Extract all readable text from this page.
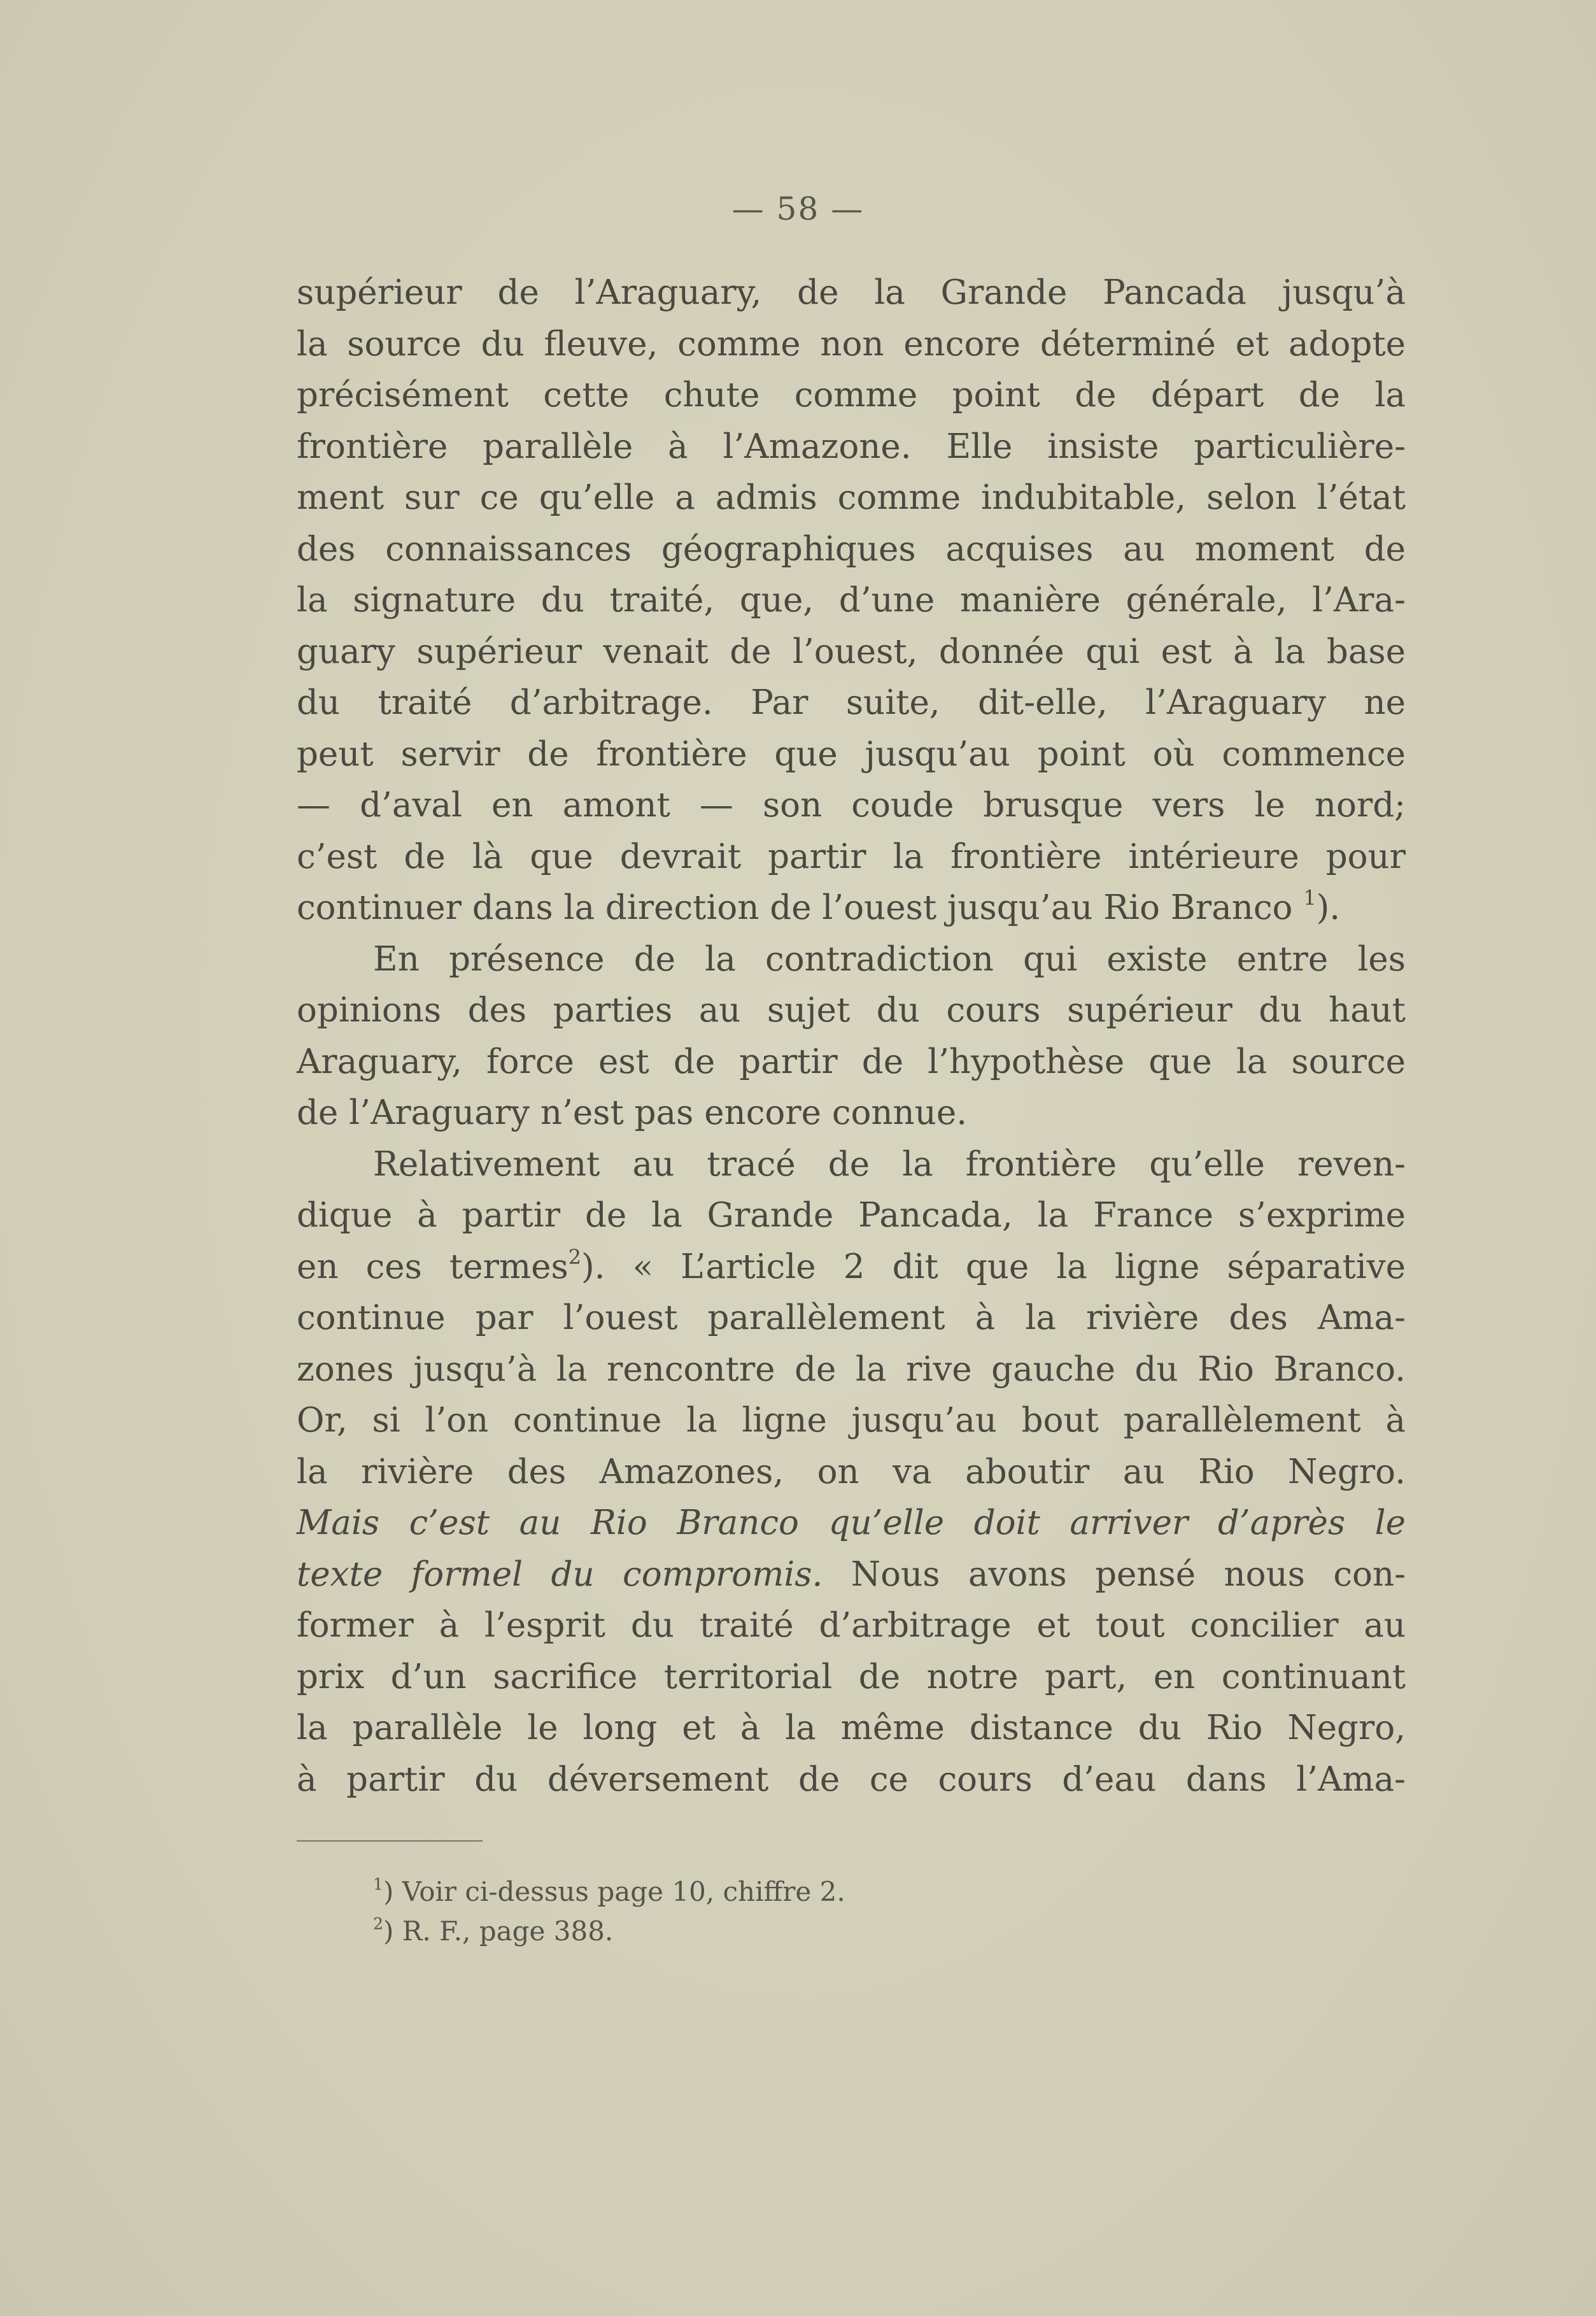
— 58 —
supérieur de l’Araguary, de la Grande Pancada jusqu’à
la source du fleuve, comme non encore déterminé et adopte
précisément cette chute comme point de départ de la
frontière parallèle à l’Amazone. Elle insiste particulière-
ment sur ce qu’elle a admis comme indubitable, selon l’état
des connaissances géographiques acquises au moment de
la signature du traité, que, d’une manière générale, l’Ara-
guary supérieur venait de l’ouest, donnée qui est à la base
du traité d’arbitrage. Par suite, dit-elle, l’Araguary ne
peut servir de frontière que jusqu’au point où commence
— d’aval en amont — son coude brusque vers le nord;
c’est de là que devrait partir la frontière intérieure pour
continuer dans la direction de l’ouest jusqu’au Rio Branco $^1$).
En présence de la contradiction qui existe entre les
opinions des parties au sujet du cours supérieur du haut
Araguary, force est de partir de l’hypothèse que la source
de l’Araguary n’est pas encore connue.
Relativement au tracé de la frontière qu’elle reven-
dique à partir de la Grande Pancada, la France s’exprime
en ces termes$^2$). « L’article 2 dit que la ligne séparative
continue par l’ouest parallèlement à la rivière des Ama-
zones jusqu’à la rencontre de la rive gauche du Rio Branco.
Or, si l’on continue la ligne jusqu’au bout parallèlement à
la rivière des Amazones, on va aboutir au Rio Negro.
Mais c’est au Rio Branco qu’elle doit arriver d’après le
texte formel du compromis. Nous avons pensé nous con-
former à l’esprit du traité d’arbitrage et tout concilier au
prix d’un sacrifice territorial de notre part, en continuant
la parallèle le long et à la même distance du Rio Negro,
à partir du déversement de ce cours d’eau dans l’Ama-
$^1$) Voir ci-dessus page 10, chiffre 2.
$^2$) R. F., page 388.
